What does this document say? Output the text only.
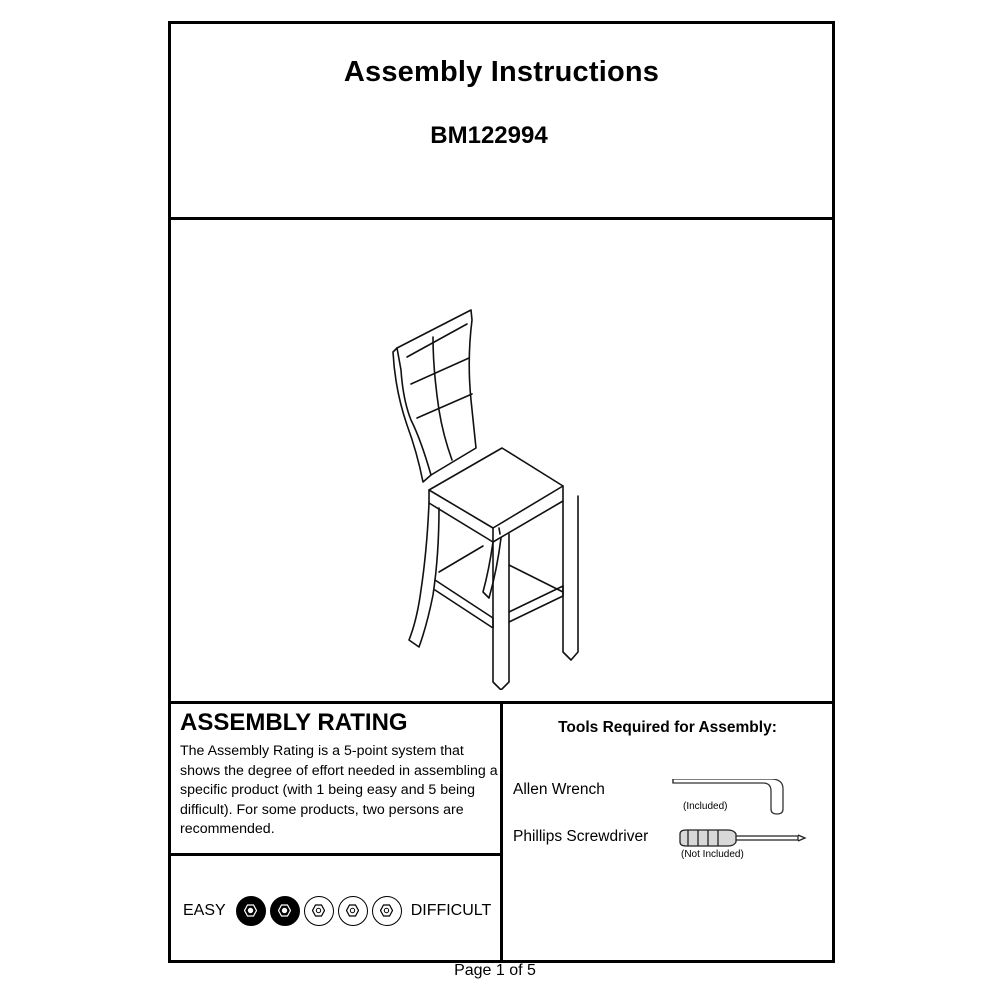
Assembly Instructions
BM122994
ASSEMBLY RATING
The Assembly Rating is a 5-point system that shows the degree of effort needed in assembling a specific product (with 1 being easy and 5 being difficult). For some products, two persons are recommended.
EASY	DIFFICULT
Tools Required for Assembly:
Allen Wrench
(Included)
Phillips Screwdriver
(Not Included)
Page 1 of 5
